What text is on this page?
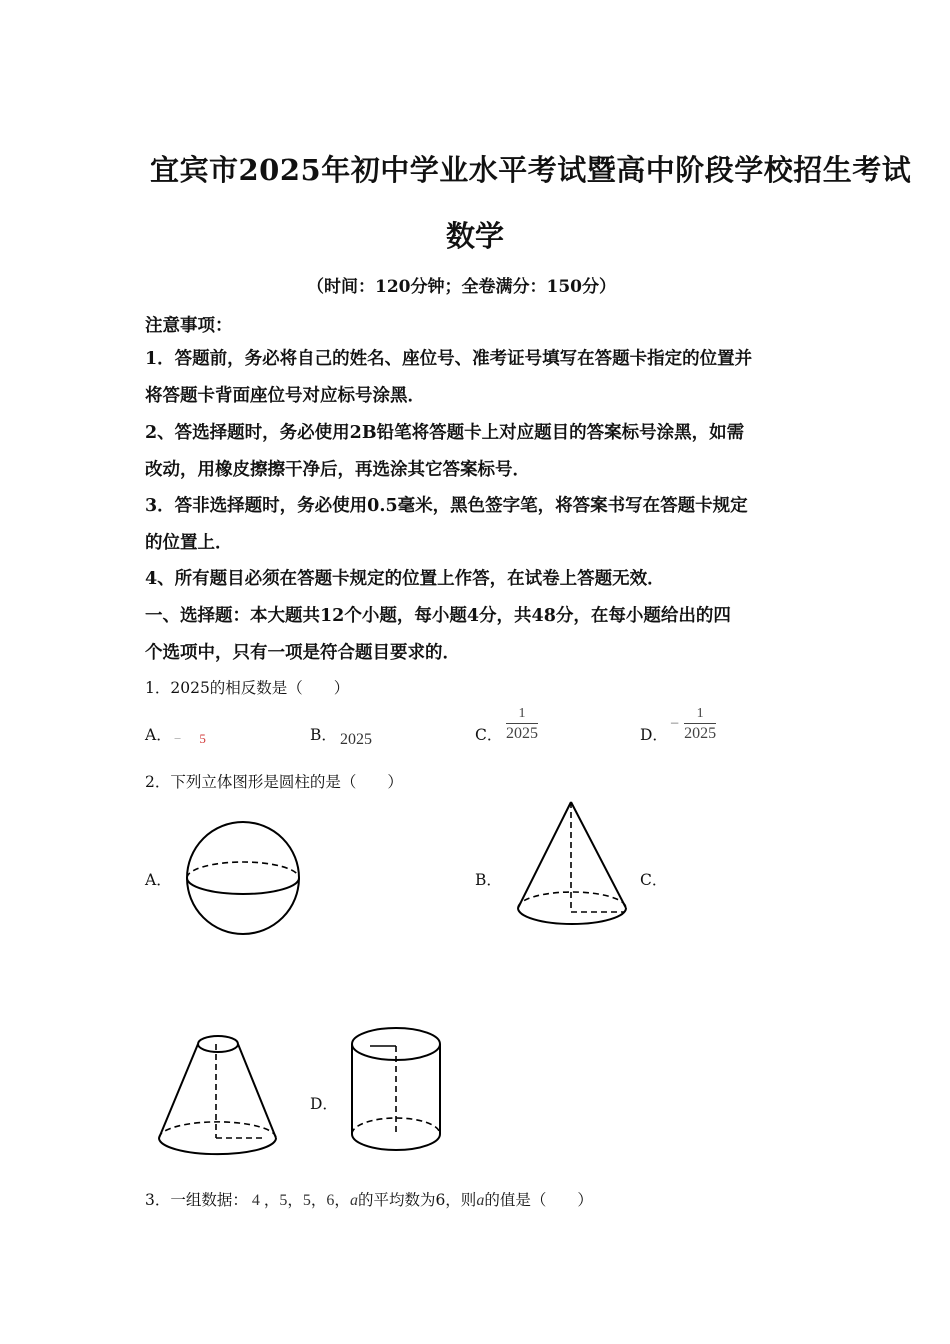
宜宾市2025年初中学业水平考试暨高中阶段学校招生考试
数学
（时间：120分钟；全卷满分：150分）
注意事项：
1．答题前，务必将自己的姓名、座位号、准考证号填写在答题卡指定的位置并
将答题卡背面座位号对应标号涂黑．
2、答选择题时，务必使用2B铅笔将答题卡上对应题目的答案标号涂黑，如需
改动，用橡皮擦擦干净后，再选涂其它答案标号．
3．答非选择题时，务必使用0.5毫米，黑色签字笔，将答案书写在答题卡规定
的位置上．
4、所有题目必须在答题卡规定的位置上作答，在试卷上答题无效．
一、选择题：本大题共12个小题，每小题4分，共48分，在每小题给出的四
个选项中，只有一项是符合题目要求的．
1．2025的相反数是（　　）
A． − 5	B． 2025	C． $\frac{1}{2025}$	D．
− $\frac{1}{2025}$
2．下列立体图形是圆柱的是（　　）
A．	B．	C．
D．
3．一组数据： 4 ，5，5，6，a的平均数为6，则a的值是（　　）
